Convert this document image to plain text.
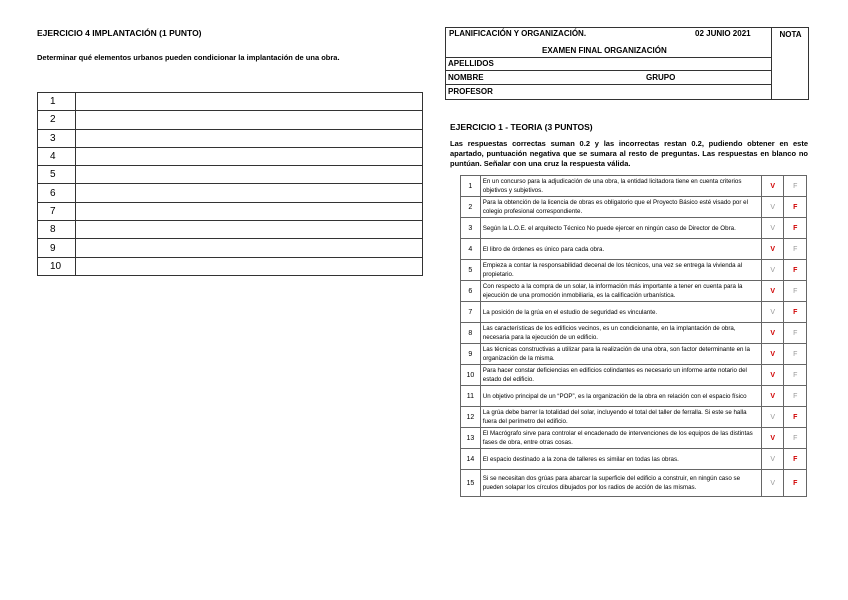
EJERCICIO 4 IMPLANTACIÓN (1 PUNTO)
Determinar qué elementos urbanos pueden condicionar la implantación de una obra.
1	
2	
3	
4	
5	
6	
7	
8	
9	
10	
PLANIFICACIÓN Y ORGANIZACIÓN.	02 JUNIO 2021
EXAMEN FINAL ORGANIZACIÓN
APELLIDOS
NOMBRE	GRUPO
PROFESOR
NOTA
EJERCICIO 1 - TEORIA (3 PUNTOS)
Las respuestas correctas suman 0.2 y las incorrectas restan 0.2, pudiendo obtener en este apartado, puntuación negativa que se sumara al resto de preguntas. Las respuestas en blanco no puntúan. Señalar con una cruz la respuesta válida.
1	En un concurso para la adjudicación de una obra, la entidad licitadora tiene en cuenta criterios objetivos y subjetivos.	V	F
2	Para la obtención de la licencia de obras es obligatorio que el Proyecto Básico esté visado por el colegio profesional correspondiente.	V	F
3	Según la L.O.E. el arquitecto Técnico No puede ejercer en ningún caso de Director de Obra.	V	F
4	El libro de órdenes es único para cada obra.	V	F
5	Empieza a contar la responsabilidad decenal de los técnicos, una vez se entrega la vivienda al propietario.	V	F
6	Con respecto a la compra de un solar, la información más importante a tener en cuenta para la ejecución de una promoción inmobiliaria, es la calificación urbanística.	V	F
7	La posición de la grúa en el estudio de seguridad es vinculante.	V	F
8	Las características de los edificios vecinos, es un condicionante, en la implantación de obra, necesaria para la ejecución de un edificio.	V	F
9	Las técnicas constructivas a utilizar para la realización de una obra, son factor determinante en la organización de la misma.	V	F
10	Para hacer constar deficiencias en edificios colindantes es necesario un informe ante notario del estado del edificio.	V	F
11	Un objetivo principal de un “POP”, es la organización de la obra en relación con el espacio físico	V	F
12	La grúa debe barrer la totalidad del solar, incluyendo el total del taller de ferralla. Si este se halla fuera del perímetro del edificio.	V	F
13	El Macrógrafo sirve para controlar el encadenado de intervenciones de los equipos de las distintas fases de obra, entre otras cosas.	V	F
14	El espacio destinado a la zona de talleres es similar en todas las obras.	V	F
15	Si se necesitan dos grúas para abarcar la superficie del edificio a construir, en ningún caso se pueden solapar los círculos dibujados por los radios de acción de las mismas.	V	F
